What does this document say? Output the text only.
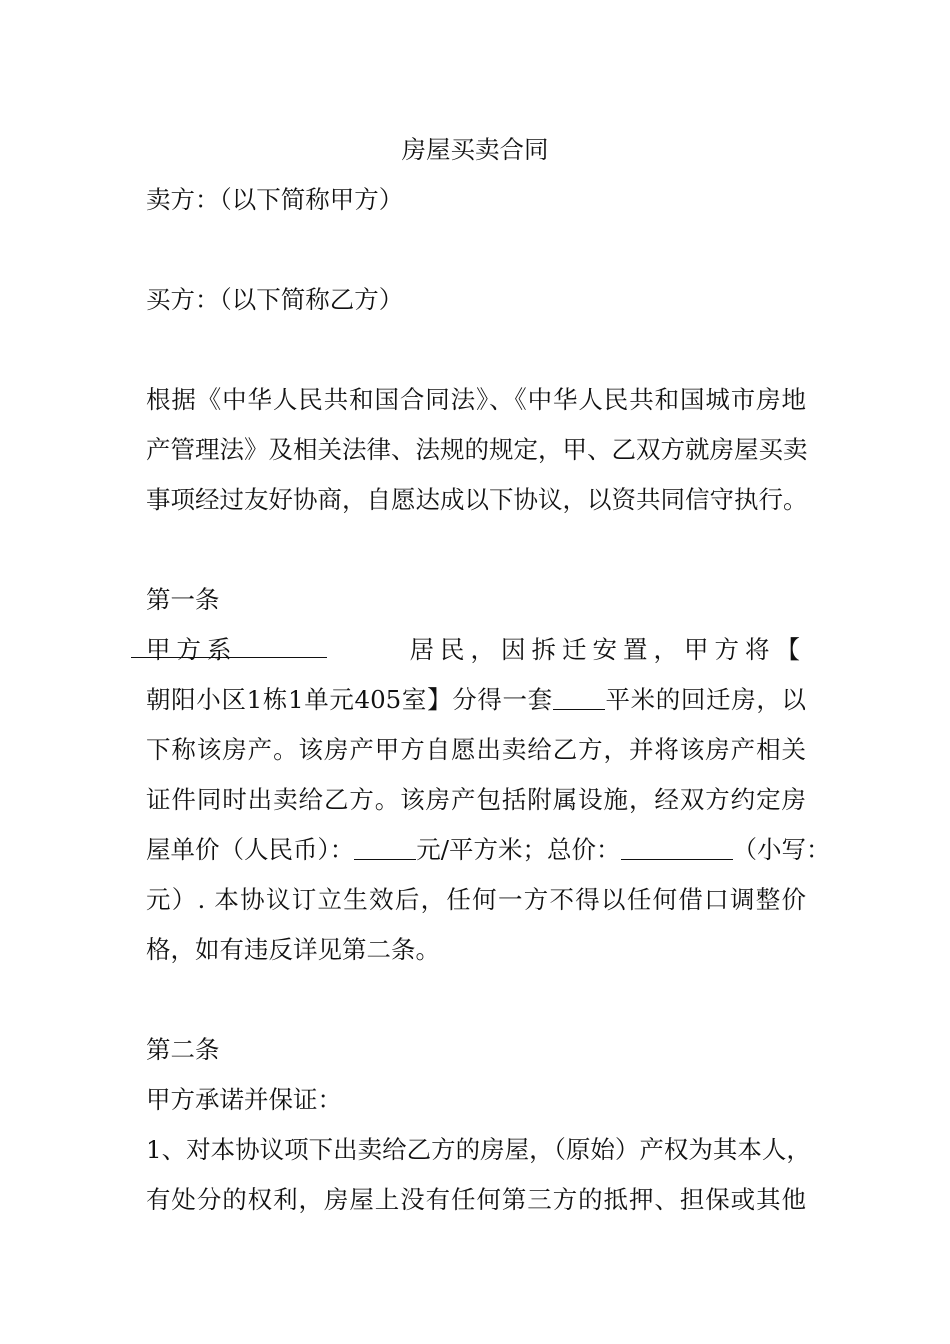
房屋买卖合同
卖方：（以下简称甲方）
买方：（以下简称乙方）
根据《中华人民共和国合同法》、《中华人民共和国城市房地
产管理法》及相关法律、法规的规定，甲、乙双方就房屋买卖
事项经过友好协商，自愿达成以下协议，以资共同信守执行。
第一条
甲方系	居民，因拆迁安置，甲方将【
朝阳小区1栋1单元405室】分得一套 平米的回迁房，以
下称该房产。该房产甲方自愿出卖给乙方，并将该房产相关
证件同时出卖给乙方。该房产包括附属设施，经双方约定房
屋单价（人民币）：	元/平方米；总价：	（小写：
元）. 本协议订立生效后，任何一方不得以任何借口调整价
格，如有违反详见第二条。
第二条
甲方承诺并保证：
1、对本协议项下出卖给乙方的房屋，（原始）产权为其本人，
有处分的权利，房屋上没有任何第三方的抵押、担保或其他
